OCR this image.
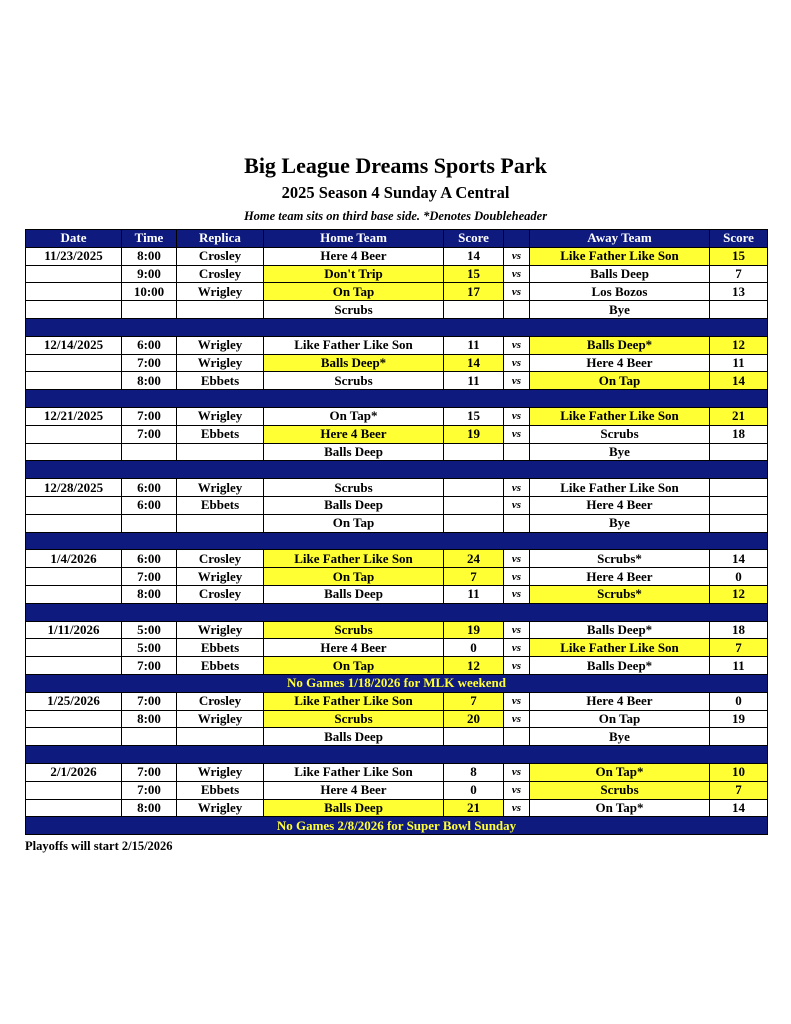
Big League Dreams Sports Park
2025 Season 4 Sunday A Central
Home team sits on third base side. *Denotes Doubleheader
Date	Time	Replica	Home Team	Score		Away Team	Score
11/23/2025	8:00	Crosley	Here 4 Beer	14	vs	Like Father Like Son	15
	9:00	Crosley	Don't Trip	15	vs	Balls Deep	7
	10:00	Wrigley	On Tap	17	vs	Los Bozos	13
			Scrubs			Bye	

12/14/2025	6:00	Wrigley	Like Father Like Son	11	vs	Balls Deep*	12
	7:00	Wrigley	Balls Deep*	14	vs	Here 4 Beer	11
	8:00	Ebbets	Scrubs	11	vs	On Tap	14

12/21/2025	7:00	Wrigley	On Tap*	15	vs	Like Father Like Son	21
	7:00	Ebbets	Here 4 Beer	19	vs	Scrubs	18
			Balls Deep			Bye	

12/28/2025	6:00	Wrigley	Scrubs		vs	Like Father Like Son	
	6:00	Ebbets	Balls Deep		vs	Here 4 Beer	
			On Tap			Bye	

1/4/2026	6:00	Crosley	Like Father Like Son	24	vs	Scrubs*	14
	7:00	Wrigley	On Tap	7	vs	Here 4 Beer	0
	8:00	Crosley	Balls Deep	11	vs	Scrubs*	12

1/11/2026	5:00	Wrigley	Scrubs	19	vs	Balls Deep*	18
	5:00	Ebbets	Here 4 Beer	0	vs	Like Father Like Son	7
	7:00	Ebbets	On Tap	12	vs	Balls Deep*	11
No Games 1/18/2026 for MLK weekend							
1/25/2026	7:00	Crosley	Like Father Like Son	7	vs	Here 4 Beer	0
	8:00	Wrigley	Scrubs	20	vs	On Tap	19
			Balls Deep			Bye	

2/1/2026	7:00	Wrigley	Like Father Like Son	8	vs	On Tap*	10
	7:00	Ebbets	Here 4 Beer	0	vs	Scrubs	7
	8:00	Wrigley	Balls Deep	21	vs	On Tap*	14
No Games 2/8/2026 for Super Bowl Sunday							
Playoffs will start 2/15/2026
